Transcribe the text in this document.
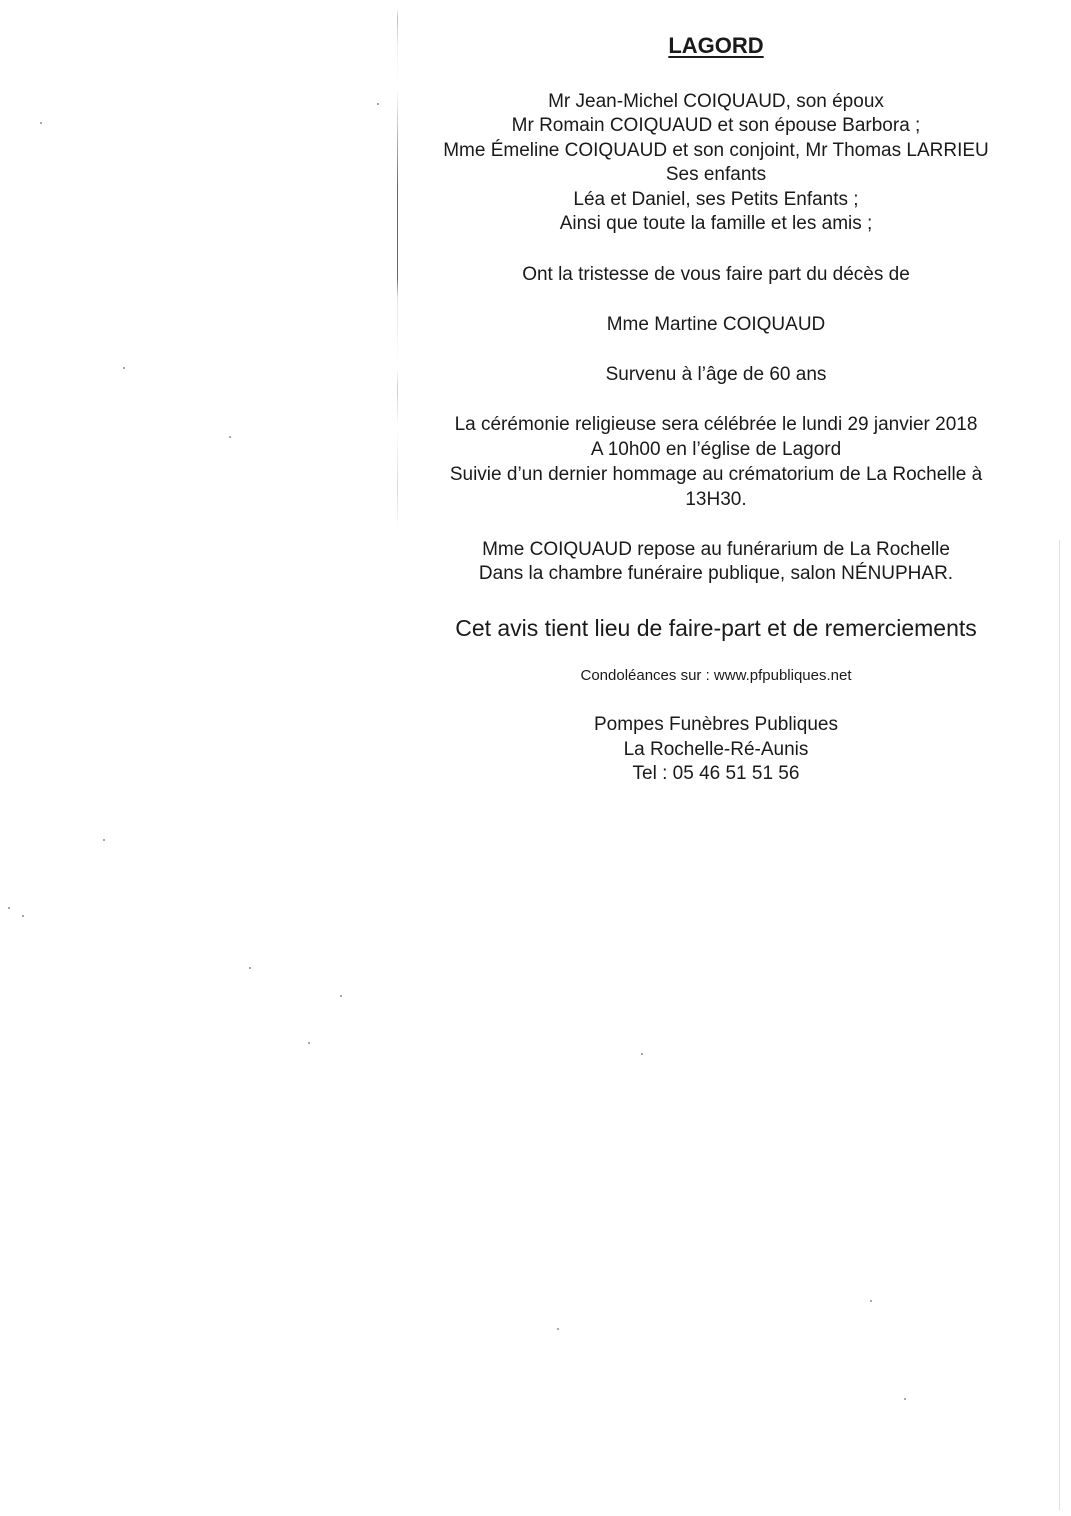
LAGORD
Mr Jean-Michel COIQUAUD, son époux
Mr Romain COIQUAUD et son épouse Barbora ;
Mme Émeline COIQUAUD et son conjoint, Mr Thomas LARRIEU
Ses enfants
Léa et Daniel, ses Petits Enfants ;
Ainsi que toute la famille et les amis ;
Ont la tristesse de vous faire part du décès de
Mme Martine COIQUAUD
Survenu à l’âge de 60 ans
La cérémonie religieuse sera célébrée le lundi 29 janvier 2018
A 10h00 en l’église de Lagord
Suivie d’un dernier hommage au crématorium de La Rochelle à
13H30.
Mme COIQUAUD repose au funérarium de La Rochelle
Dans la chambre funéraire publique, salon NÉNUPHAR.
Cet avis tient lieu de faire-part et de remerciements
Condoléances sur : www.pfpubliques.net
Pompes Funèbres Publiques
La Rochelle-Ré-Aunis
Tel : 05 46 51 51 56
